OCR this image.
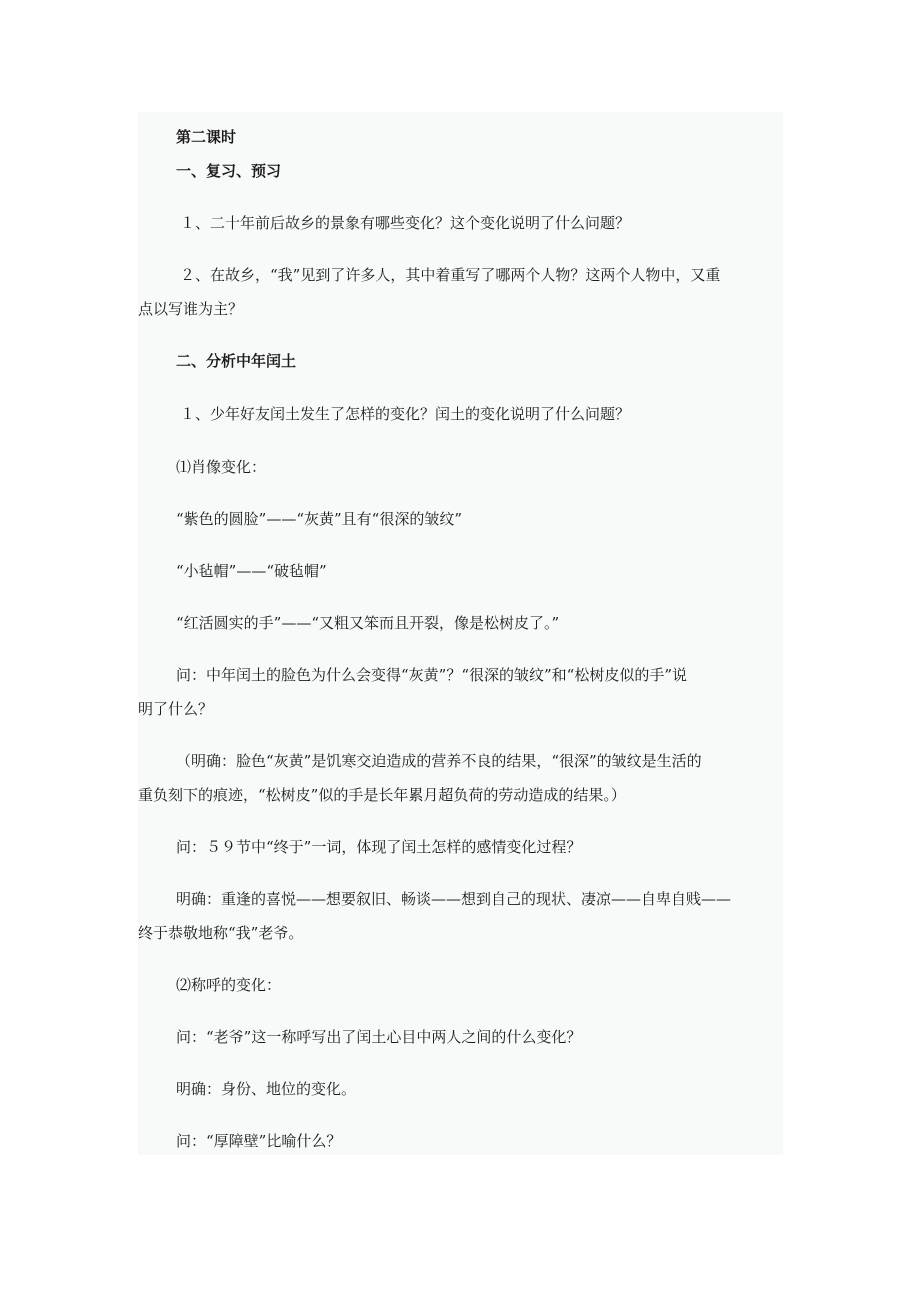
第二课时
一、复习、预习
１、二十年前后故乡的景象有哪些变化？这个变化说明了什么问题？
２、在故乡，“我”见到了许多人，其中着重写了哪两个人物？这两个人物中，又重
点以写谁为主？
二、分析中年闰土
１、少年好友闰土发生了怎样的变化？闰土的变化说明了什么问题？
⑴肖像变化：
“紫色的圆脸”——“灰黄”且有“很深的皱纹”
“小毡帽”——“破毡帽”
“红活圆实的手”——“又粗又笨而且开裂，像是松树皮了。”
问：中年闰土的脸色为什么会变得“灰黄”？“很深的皱纹”和“松树皮似的手”说
明了什么？
（明确：脸色“灰黄”是饥寒交迫造成的营养不良的结果，“很深”的皱纹是生活的
重负刻下的痕迹，“松树皮”似的手是长年累月超负荷的劳动造成的结果。）
问：５９节中“终于”一词，体现了闰土怎样的感情变化过程？
明确：重逢的喜悦——想要叙旧、畅谈——想到自己的现状、凄凉——自卑自贱——
终于恭敬地称“我”老爷。
⑵称呼的变化：
问：“老爷”这一称呼写出了闰土心目中两人之间的什么变化？
明确：身份、地位的变化。
问：“厚障壁”比喻什么？
